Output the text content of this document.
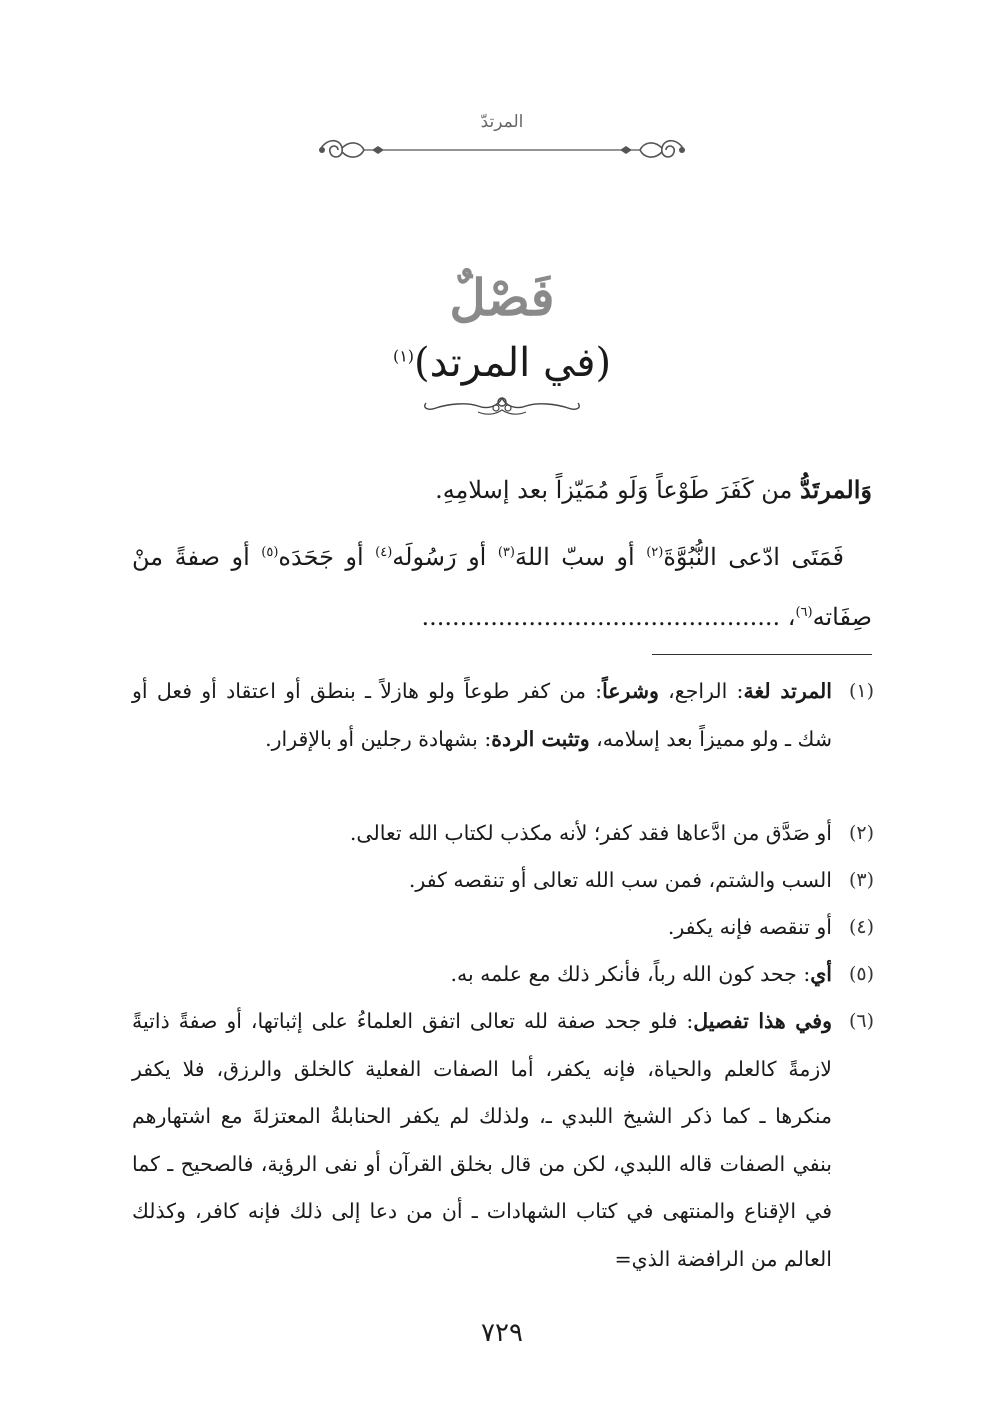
المرتدّ
فَصْلٌ
(في المرتد)$^{(١)}$
وَالمرتَدُّ من كَفَرَ طَوْعاً وَلَو مُمَيّزاً بعد إسلامِهِ.
فَمَتَى ادّعى النُّبُوَّةَ$^{(٢)}$ أو سبّ اللهَ$^{(٣)}$ أو رَسُولَه$^{(٤)}$ أو جَحَدَه$^{(٥)}$ أو صفةً منْ صِفَاته$^{(٦)}$، ...............................................
(١)
المرتد لغة: الراجع، وشرعاً: من كفر طوعاً ولو هازلاً ـ بنطق أو اعتقاد أو فعل أو شك ـ ولو مميزاً بعد إسلامه، وتثبت الردة: بشهادة رجلين أو بالإقرار.
(٢)
أو صَدَّق من ادَّعاها فقد كفر؛ لأنه مكذب لكتاب الله تعالى.
(٣)
السب والشتم، فمن سب الله تعالى أو تنقصه كفر.
(٤)
أو تنقصه فإنه يكفر.
(٥)
أي: جحد كون الله رباً، فأنكر ذلك مع علمه به.
(٦)
وفي هذا تفصيل: فلو جحد صفة لله تعالى اتفق العلماءُ على إثباتها، أو صفةً ذاتيةً لازمةً كالعلم والحياة، فإنه يكفر، أما الصفات الفعلية كالخلق والرزق، فلا يكفر منكرها ـ كما ذكر الشيخ اللبدي ـ، ولذلك لم يكفر الحنابلةُ المعتزلةَ مع اشتهارهم بنفي الصفات قاله اللبدي، لكن من قال بخلق القرآن أو نفى الرؤية، فالصحيح ـ كما في الإقناع والمنتهى في كتاب الشهادات ـ أن من دعا إلى ذلك فإنه كافر، وكذلك العالم من الرافضة الذي=
٧٢٩
